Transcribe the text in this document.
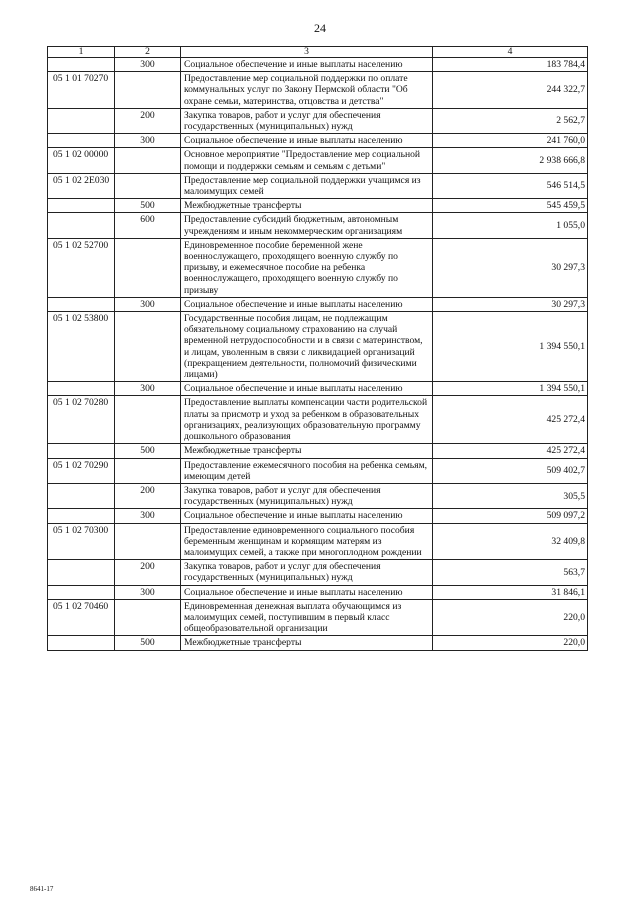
24
1	2	3	4
	300	Социальное обеспечение и иные выплаты населению	183 784,4
05 1 01 70270		Предоставление мер социальной поддержки по оплате коммунальных услуг по Закону Пермской области "Об охране семьи, материнства, отцовства и детства"	244 322,7
	200	Закупка товаров, работ и услуг для обеспечения государственных (муниципальных) нужд	2 562,7
	300	Социальное обеспечение и иные выплаты населению	241 760,0
05 1 02 00000		Основное мероприятие "Предоставление мер социальной помощи и поддержки семьям и семьям с детьми"	2 938 666,8
05 1 02 2Е030		Предоставление мер социальной поддержки учащимся из малоимущих семей	546 514,5
	500	Межбюджетные трансферты	545 459,5
	600	Предоставление субсидий бюджетным, автономным учреждениям и иным некоммерческим организациям	1 055,0
05 1 02 52700		Единовременное пособие беременной жене военнослужащего, проходящего военную службу по призыву, и ежемесячное пособие на ребенка военнослужащего, проходящего военную службу по призыву	30 297,3
	300	Социальное обеспечение и иные выплаты населению	30 297,3
05 1 02 53800		Государственные пособия лицам, не подлежащим обязательному социальному страхованию на случай временной нетрудоспособности и в связи с материнством, и лицам, уволенным в связи с ликвидацией организаций (прекращением деятельности, полномочий физическими лицами)	1 394 550,1
	300	Социальное обеспечение и иные выплаты населению	1 394 550,1
05 1 02 70280		Предоставление выплаты компенсации части родительской платы за присмотр и уход за ребенком в образовательных организациях, реализующих образовательную программу дошкольного образования	425 272,4
	500	Межбюджетные трансферты	425 272,4
05 1 02 70290		Предоставление ежемесячного пособия на ребенка семьям, имеющим детей	509 402,7
	200	Закупка товаров, работ и услуг для обеспечения государственных (муниципальных) нужд	305,5
	300	Социальное обеспечение и иные выплаты населению	509 097,2
05 1 02 70300		Предоставление единовременного социального пособия беременным женщинам и кормящим матерям из малоимущих семей, а также при многоплодном рождении	32 409,8
	200	Закупка товаров, работ и услуг для обеспечения государственных (муниципальных) нужд	563,7
	300	Социальное обеспечение и иные выплаты населению	31 846,1
05 1 02 70460		Единовременная денежная выплата обучающимся из малоимущих семей, поступившим в первый класс общеобразовательной организации	220,0
	500	Межбюджетные трансферты	220,0
8641-17
